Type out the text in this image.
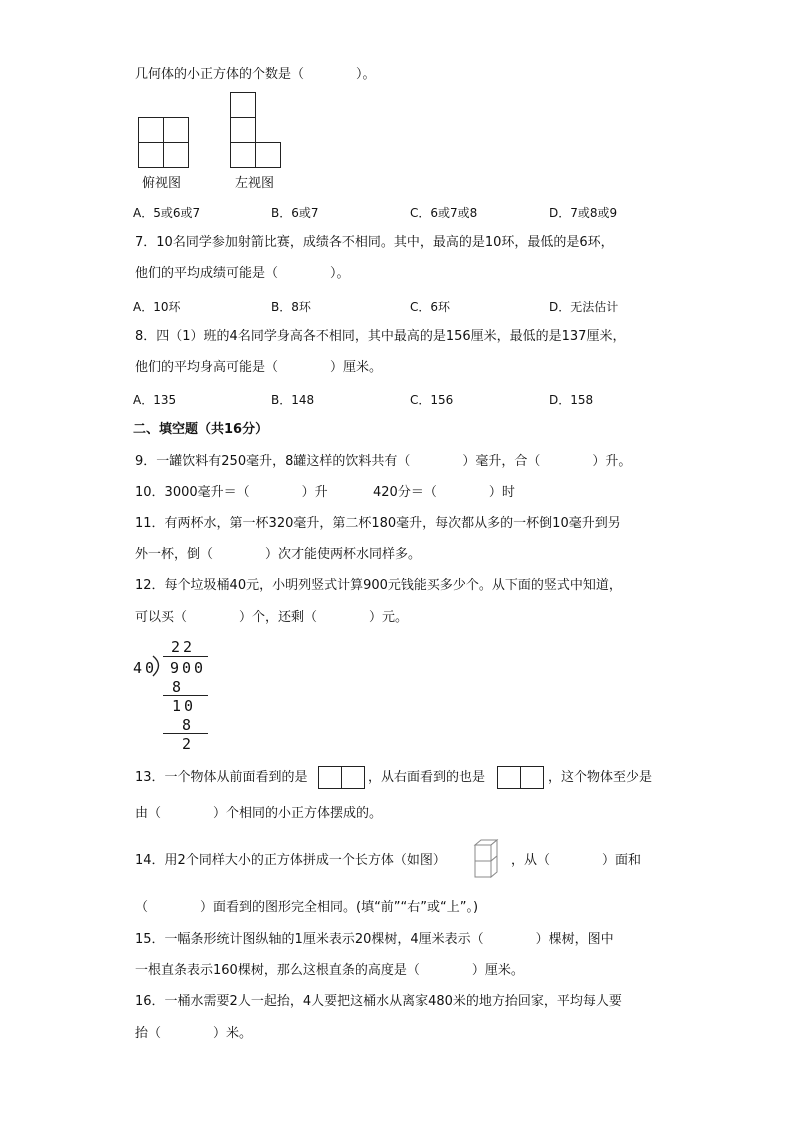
几何体的小正方体的个数是（　　　　）。
俯视图	左视图
A．5或6或7	B．6或7	C．6或7或8	D．7或8或9
7．10名同学参加射箭比赛，成绩各不相同。其中，最高的是10环，最低的是6环，
他们的平均成绩可能是（　　　　）。
A．10环	B．8环	C．6环	D．无法估计
8．四（1）班的4名同学身高各不相同，其中最高的是156厘米，最低的是137厘米，
他们的平均身高可能是（　　　　）厘米。
A．135	B．148	C．156	D．158
二、填空题（共16分）
9．一罐饮料有250毫升，8罐这样的饮料共有（　　　　）毫升，合（　　　　）升。
10．3000毫升＝（　　　　）升	420分＝（　　　　）时
11．有两杯水，第一杯320毫升，第二杯180毫升，每次都从多的一杯倒10毫升到另
外一杯，倒（　　　　）次才能使两杯水同样多。
12．每个垃圾桶40元，小明列竖式计算900元钱能买多少个。从下面的竖式中知道，
可以买（　　　　）个，还剩（　　　　）元。
22
40 900
8
10
8
2
13．一个物体从前面看到的是	，从右面看到的也是	，这个物体至少是
由（　　　　）个相同的小正方体摆成的。
14．用2个同样大小的正方体拼成一个长方体（如图）	，从（　　　　）面和
（　　　　）面看到的图形完全相同。(填“前”“右”或“上”。)
15．一幅条形统计图纵轴的1厘米表示20棵树，4厘米表示（　　　　）棵树，图中
一根直条表示160棵树，那么这根直条的高度是（　　　　）厘米。
16．一桶水需要2人一起抬，4人要把这桶水从离家480米的地方抬回家，平均每人要
抬（　　　　）米。
